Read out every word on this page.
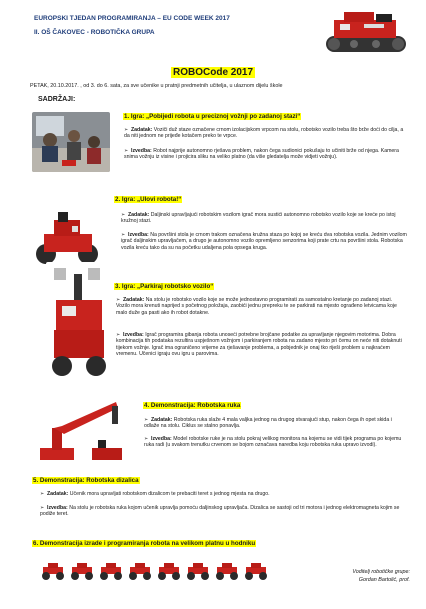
EUROPSKI TJEDAN PROGRAMIRANJA – EU CODE WEEK 2017
II. OŠ ČAKOVEC - ROBOTIČKA GRUPA
ROBOCode 2017
PETAK, 20.10.2017. , od 3. do 6. sata, za sve učenike u pratnji predmetnih učitelja, u ulaznom dijelu škole
SADRŽAJI:
1. Igra: „Pobijedi robota u preciznoj vožnji po zadanoj stazi“
➢ Zadatak: Voziči duž staze označene crnom izolacijskom vrpcom na stolu, robotsko vozilo treba što brže doći do cilja, a da niti jednom ne prijeđe kotačem preko te vrpce.
➢ Izvedba: Robot najprije autonomno rješava problem, nakon čega sudionici pokušaju to učiniti brže od njega. Kamera snima vožnju iz visine i projicira sliku na veliko platno (da više gledatelja može vidjeti vožnju).
2. Igra: „Ulovi robota!“
➢ Zadatak: Daljinski upravljajući robotskim vozilom igrač mora sustići autonomno robotsko vozilo koje se kreće po istoj kružnoj stazi.
➢ Izvedba: Na površini stola je crnom trakom označena kružna staza po kojoj se kreću dva robotska vozila. Jednim vozilom igrač daljinskim upravljačem, a drugo je autonomno vozilo opremljeno senzorima koji prate crtu na površini stola. Robotska vozila kreću tako da su na početku udaljena pola opsega kruga.
3. Igra: „Parkiraj robotsko vozilo“
➢ Zadatak: Na stolu je robotsko vozilo koje se može jednostavno programirati za samostalno kretanje po zadanoj stazi. Vozilo mora krenuti naprijed s početnog položaja, zaobići jednu prepreku te se parkirati na mjesto ograđeno letvicama koje malo duže ga pasti ako ih robot dotakne.
➢ Izvedba: Igrač programira gibanja robota unoseći potrebne brojčane podatke za upravljanje njegovim motorima. Dobra kombinacija tih podataka rezultira uspješnom vožnjom i parkiranjem robota na zadano mjesto pri čemu on neće niti dotaknuti tijekom vožnje. Igrač ima ograničeno vrijeme za rješavanje problema, a pobjednik je onaj tko riješi problem u najkraćem vremenu. Učenici igraju ovu igru u parovima.
4. Demonstracija: Robotska ruka
➢ Zadatak: Robotska ruka slaže 4 mala valjka jednog na drugog stvarajući stup, nakon čega ih opet skida i odlaže na stolu. Ciklus se stalno ponavlja.
➢ Izvedba: Model robotske ruke je na stolu pokraj velikog monitora na kojemu se vidi tijek programa po kojemu ruka radi (u svakom trenutku crvenom se bojom označava naredba koju robotska ruka upravo izvodi).
5. Demonstracija: Robotska dizalica
➢ Zadatak: Učenik mora upravljati robotskom dizalicom te prebaciti teret s jednog mjesta na drugo.
➢ Izvedba: Na stolu je robotska ruka kojom učenik upravlja pomoću daljinskog upravljača. Dizalica se sastoji od tri motora i jednog elektromagneta kojim se podiže teret.
6. Demonstracija izrade i programiranja robota na velikom platnu u hodniku
Voditelj robotičke grupe:
Gordan Bartolić, prof.
